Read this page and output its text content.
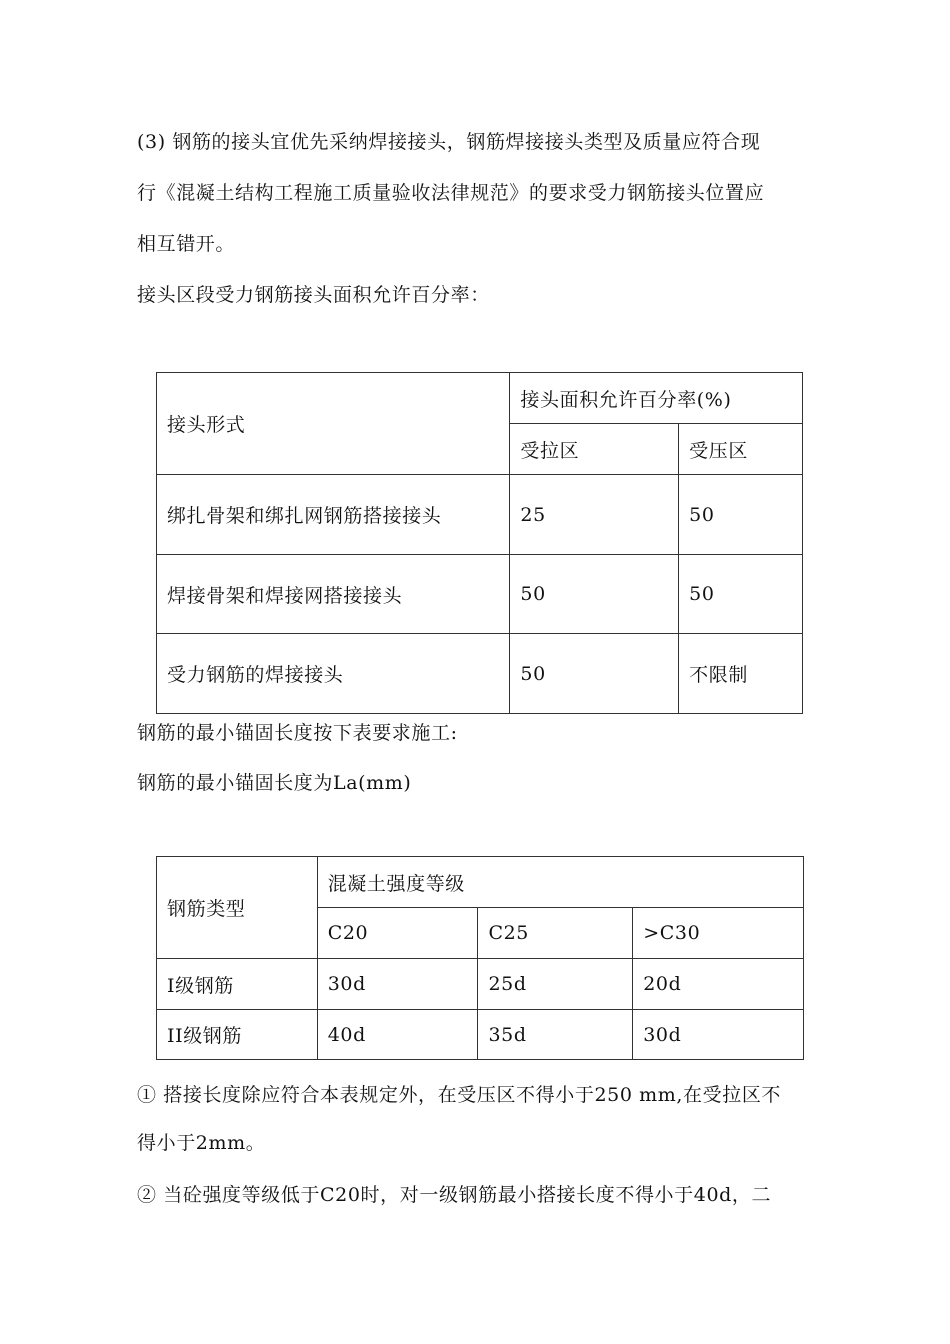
(3) 钢筋的接头宜优先采纳焊接接头，钢筋焊接接头类型及质量应符合现
行《混凝土结构工程施工质量验收法律规范》的要求受力钢筋接头位置应
相互错开。
接头区段受力钢筋接头面积允许百分率：
接头形式	接头面积允许百分率(%)	
	受拉区	受压区
绑扎骨架和绑扎网钢筋搭接接头	25	50
焊接骨架和焊接网搭接接头	50	50
受力钢筋的焊接接头	50	不限制
钢筋的最小锚固长度按下表要求施工:
钢筋的最小锚固长度为La(mm)
钢筋类型	混凝土强度等级		
	C20	C25	>C30
I级钢筋	30d	25d	20d
II级钢筋	40d	35d	30d
① 搭接长度除应符合本表规定外，在受压区不得小于250 mm,在受拉区不
得小于2mm。
② 当砼强度等级低于C20时，对一级钢筋最小搭接长度不得小于40d，二
